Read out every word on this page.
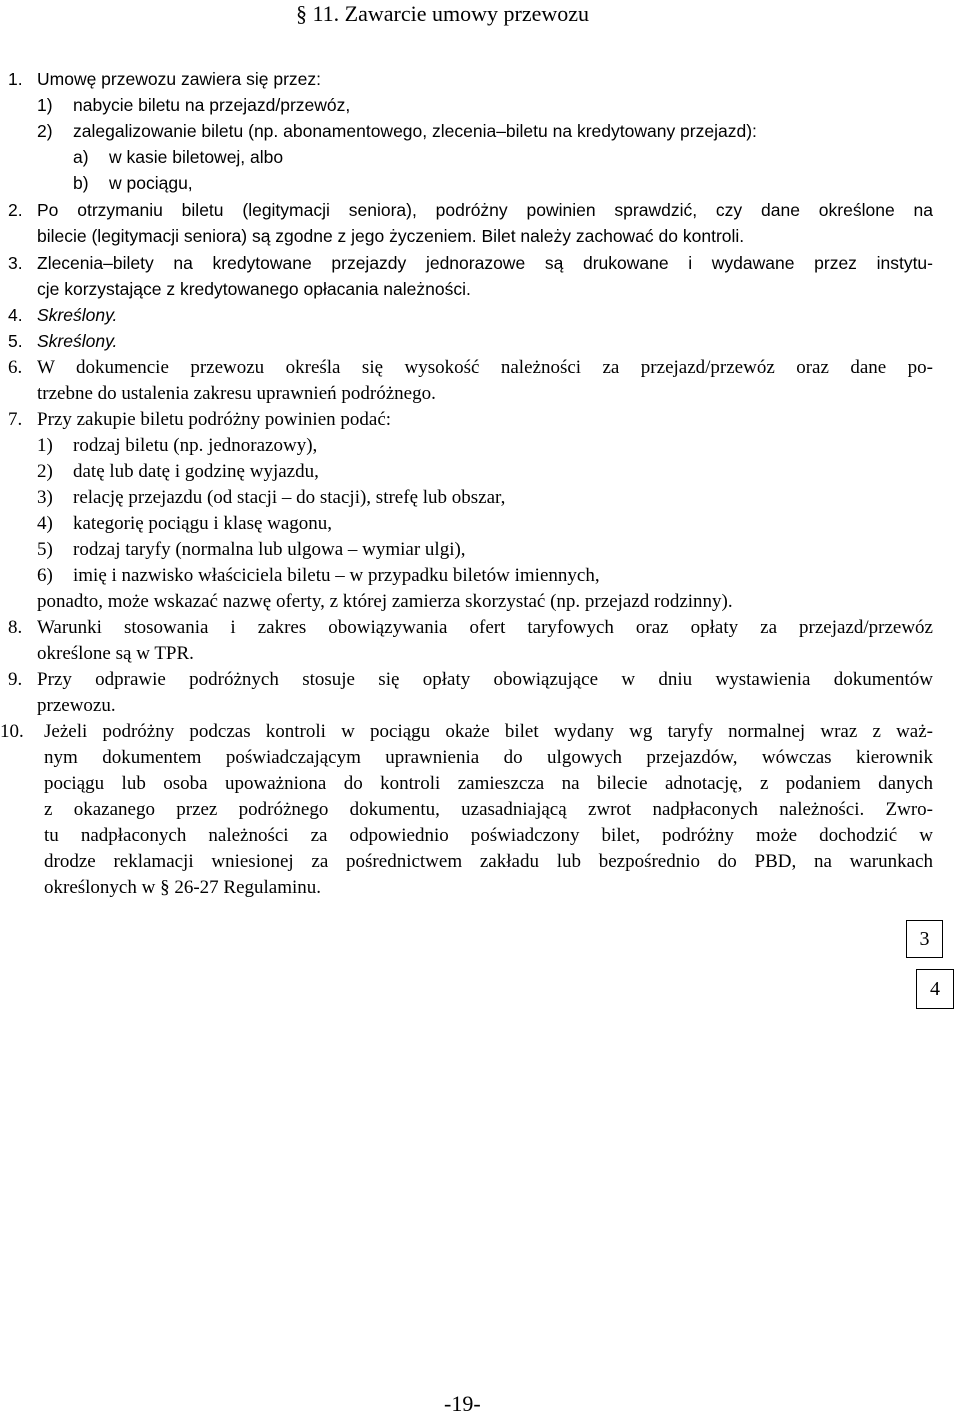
§ 11. Zawarcie umowy przewozu
1. Umowę przewozu zawiera się przez:
1) nabycie biletu na przejazd/przewóz,
2) zalegalizowanie biletu (np. abonamentowego, zlecenia–biletu na kredytowany przejazd):
a) w kasie biletowej, albo
b) w pociągu,
2. Po otrzymaniu biletu (legitymacji seniora), podróżny powinien sprawdzić, czy dane określone na
bilecie (legitymacji seniora) są zgodne z jego życzeniem. Bilet należy zachować do kontroli.
3. Zlecenia–bilety na kredytowane przejazdy jednorazowe są drukowane i wydawane przez instytu-
cje korzystające z kredytowanego opłacania należności.
4. Skreślony.
5. Skreślony.
6. W dokumencie przewozu określa się wysokość należności za przejazd/przewóz oraz dane po-
trzebne do ustalenia zakresu uprawnień podróżnego.
7. Przy zakupie biletu podróżny powinien podać:
1) rodzaj biletu (np. jednorazowy),
2) datę lub datę i godzinę wyjazdu,
3) relację przejazdu (od stacji – do stacji), strefę lub obszar,
4) kategorię pociągu i klasę wagonu,
5) rodzaj taryfy (normalna lub ulgowa – wymiar ulgi),
6) imię i nazwisko właściciela biletu – w przypadku biletów imiennych,
ponadto, może wskazać nazwę oferty, z której zamierza skorzystać (np. przejazd rodzinny).
8. Warunki stosowania i zakres obowiązywania ofert taryfowych oraz opłaty za przejazd/przewóz
określone są w TPR.
9. Przy odprawie podróżnych stosuje się opłaty obowiązujące w dniu wystawienia dokumentów
przewozu.
10. Jeżeli podróżny podczas kontroli w pociągu okaże bilet wydany wg taryfy normalnej wraz z waż-
nym dokumentem poświadczającym uprawnienia do ulgowych przejazdów, wówczas kierownik
pociągu lub osoba upoważniona do kontroli zamieszcza na bilecie adnotację, z podaniem danych
z okazanego przez podróżnego dokumentu, uzasadniającą zwrot nadpłaconych należności. Zwro-
tu nadpłaconych należności za odpowiednio poświadczony bilet, podróżny może dochodzić w
drodze reklamacji wniesionej za pośrednictwem zakładu lub bezpośrednio do PBD, na warunkach
określonych w § 26-27 Regulaminu.
3
4
-19-
